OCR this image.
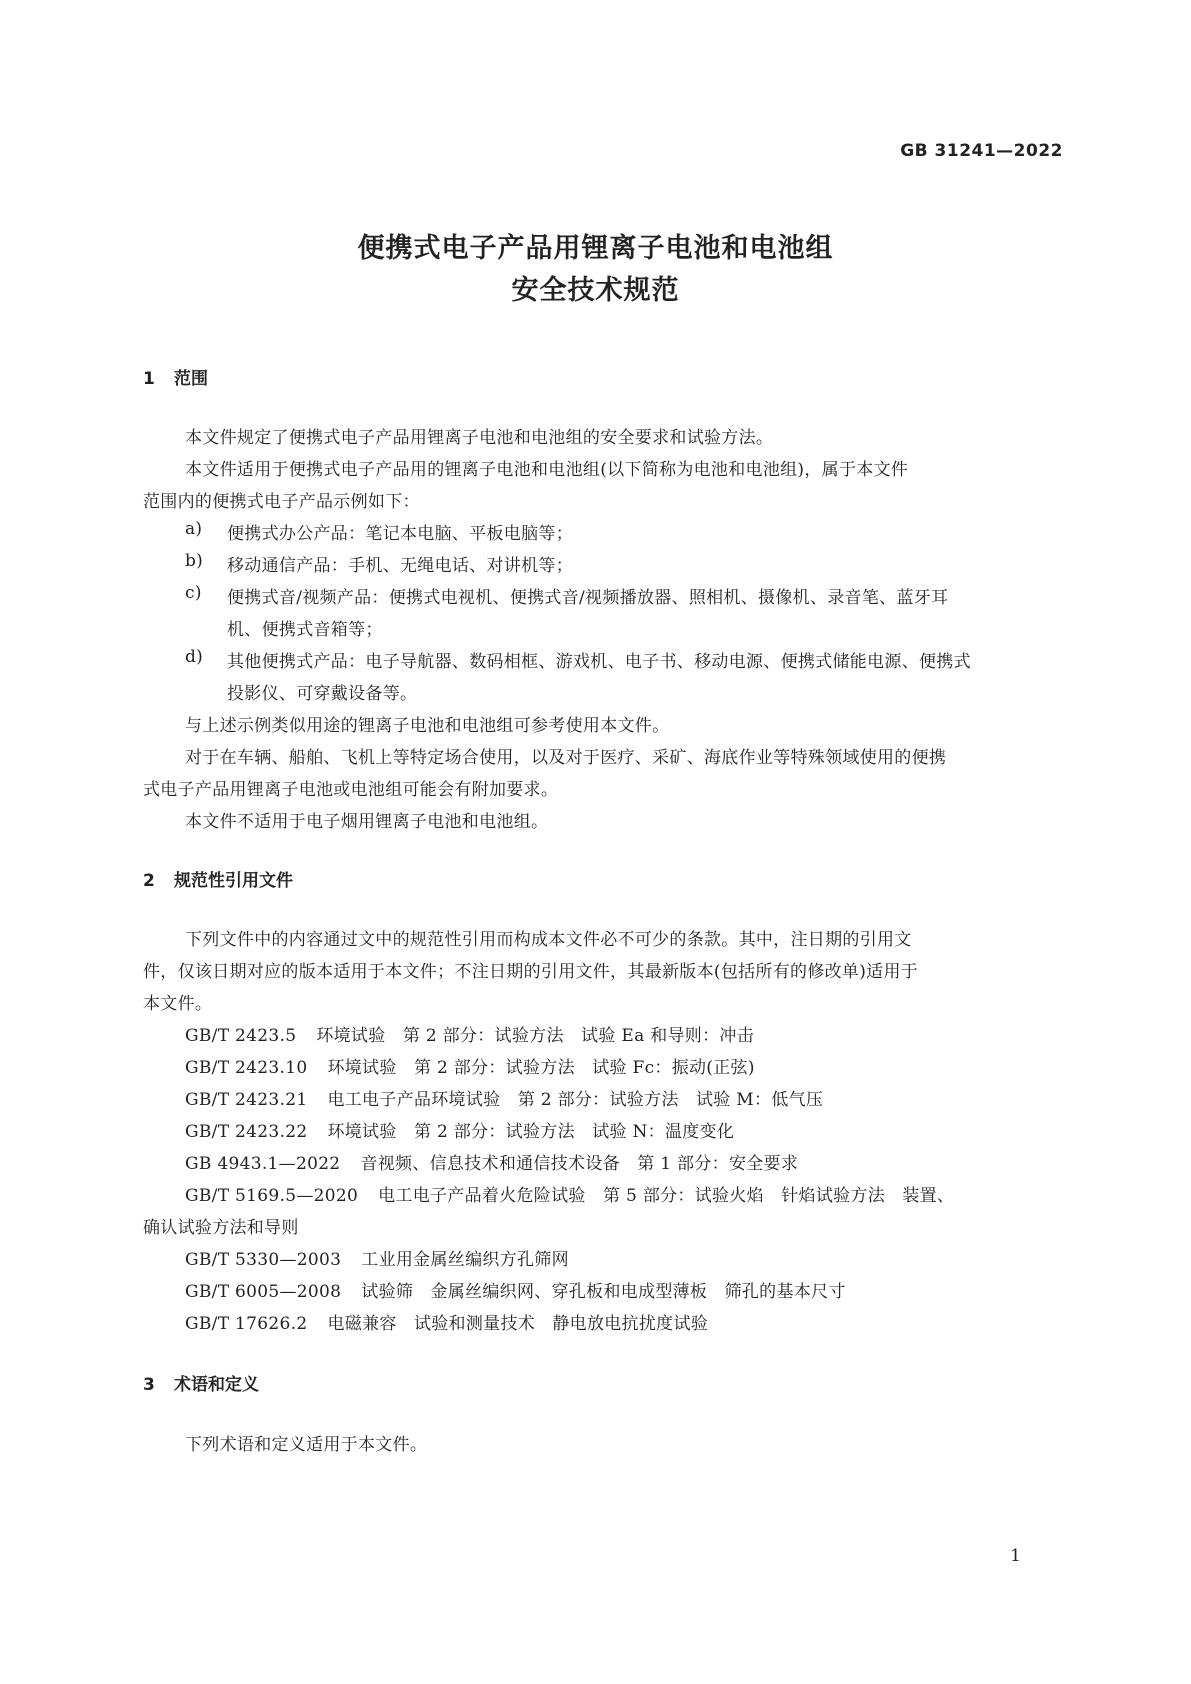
GB 31241—2022
便携式电子产品用锂离子电池和电池组
安全技术规范
1 范围
本文件规定了便携式电子产品用锂离子电池和电池组的安全要求和试验方法。
本文件适用于便携式电子产品用的锂离子电池和电池组(以下简称为电池和电池组)，属于本文件
范围内的便携式电子产品示例如下：
a) 便携式办公产品：笔记本电脑、平板电脑等；
b) 移动通信产品：手机、无绳电话、对讲机等；
c) 便携式音/视频产品：便携式电视机、便携式音/视频播放器、照相机、摄像机、录音笔、蓝牙耳
机、便携式音箱等；
d) 其他便携式产品：电子导航器、数码相框、游戏机、电子书、移动电源、便携式储能电源、便携式
投影仪、可穿戴设备等。
与上述示例类似用途的锂离子电池和电池组可参考使用本文件。
对于在车辆、船舶、飞机上等特定场合使用，以及对于医疗、采矿、海底作业等特殊领域使用的便携
式电子产品用锂离子电池或电池组可能会有附加要求。
本文件不适用于电子烟用锂离子电池和电池组。
2 规范性引用文件
下列文件中的内容通过文中的规范性引用而构成本文件必不可少的条款。其中，注日期的引用文
件，仅该日期对应的版本适用于本文件；不注日期的引用文件，其最新版本(包括所有的修改单)适用于
本文件。
GB/T 2423.5 环境试验　第 2 部分：试验方法　试验 Ea 和导则：冲击
GB/T 2423.10 环境试验　第 2 部分：试验方法　试验 Fc：振动(正弦)
GB/T 2423.21 电工电子产品环境试验　第 2 部分：试验方法　试验 M：低气压
GB/T 2423.22 环境试验　第 2 部分：试验方法　试验 N：温度变化
GB 4943.1—2022 音视频、信息技术和通信技术设备　第 1 部分：安全要求
GB/T 5169.5—2020 电工电子产品着火危险试验　第 5 部分：试验火焰　针焰试验方法　装置、
确认试验方法和导则
GB/T 5330—2003 工业用金属丝编织方孔筛网
GB/T 6005—2008 试验筛　金属丝编织网、穿孔板和电成型薄板　筛孔的基本尺寸
GB/T 17626.2 电磁兼容　试验和测量技术　静电放电抗扰度试验
3 术语和定义
下列术语和定义适用于本文件。
1
